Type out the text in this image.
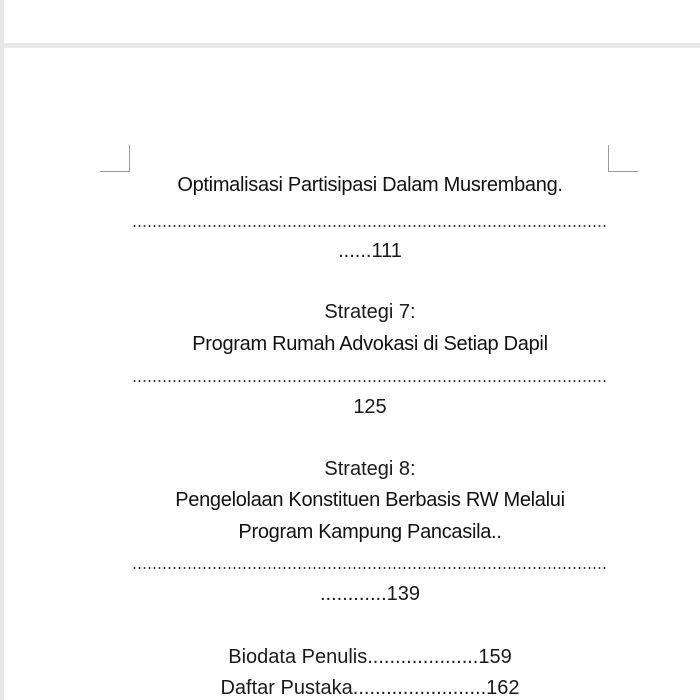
Optimalisasi Partisipasi Dalam Musrembang.
......111
Strategi 7:
Program Rumah Advokasi di Setiap Dapil
125
Strategi 8:
Pengelolaan Konstituen Berbasis RW Melalui
Program Kampung Pancasila..
............139
Biodata Penulis....................159
Daftar Pustaka........................162
